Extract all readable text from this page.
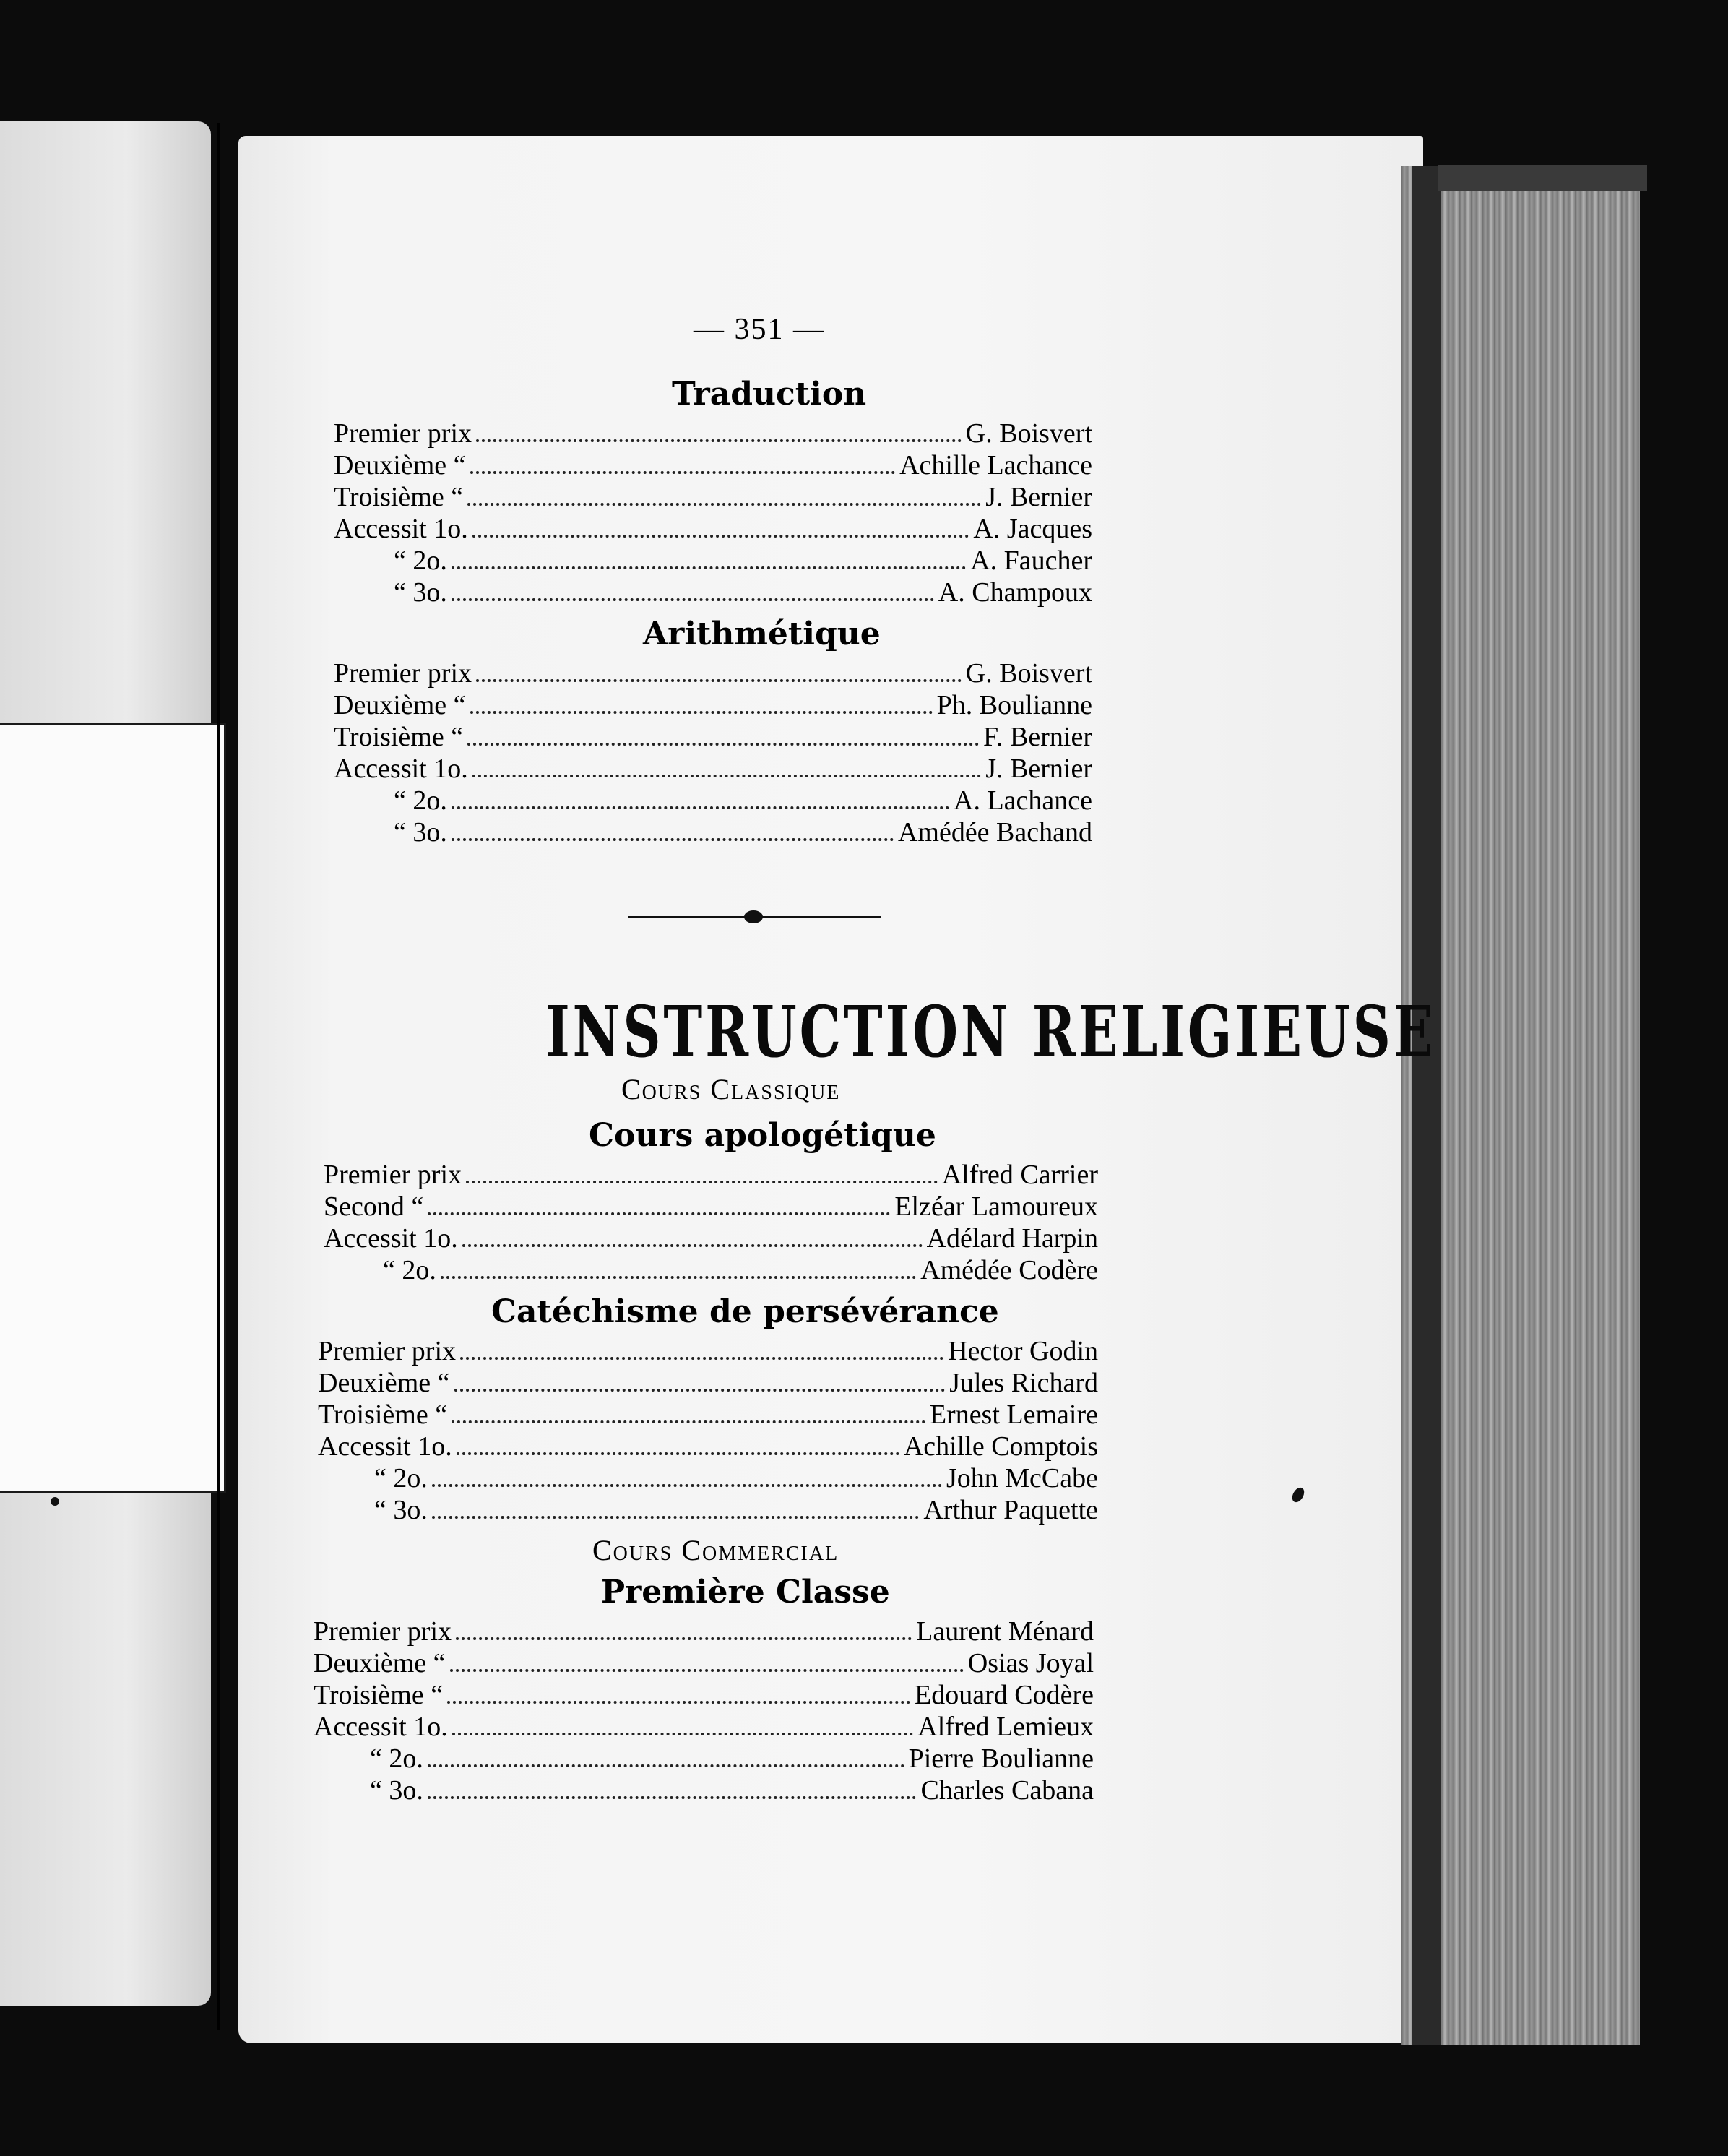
— 351 —
Traduction
Premier prix	G. Boisvert
Deuxième “	Achille Lachance
Troisième “	J. Bernier
Accessit 1o.	A. Jacques
“ 2o.	A. Faucher
“ 3o.	A. Champoux
Arithmétique
Premier prix	G. Boisvert
Deuxième “	Ph. Boulianne
Troisième “	F. Bernier
Accessit 1o.	J. Bernier
“ 2o.	A. Lachance
“ 3o.	Amédée Bachand
INSTRUCTION RELIGIEUSE
Cours Classique
Cours apologétique
Premier prix	Alfred Carrier
Second “	Elzéar Lamoureux
Accessit 1o.	Adélard Harpin
“ 2o.	Amédée Codère
Catéchisme de persévérance
Premier prix	Hector Godin
Deuxième “	Jules Richard
Troisième “	Ernest Lemaire
Accessit 1o.	Achille Comptois
“ 2o.	John McCabe
“ 3o.	Arthur Paquette
Cours Commercial
Première Classe
Premier prix	Laurent Ménard
Deuxième “	Osias Joyal
Troisième “	Edouard Codère
Accessit 1o.	Alfred Lemieux
“ 2o.	Pierre Boulianne
“ 3o.	Charles Cabana
